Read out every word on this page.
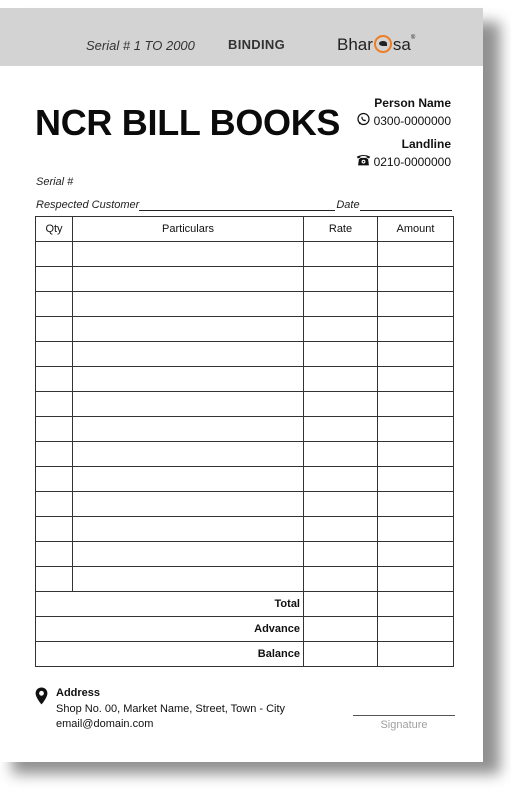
Serial # 1 TO 2000	BINDING	Bhar sa ®
NCR BILL BOOKS	Person Name
0300-0000000
Landline
0210-0000000
Serial #
Respected Customer	Date
Qty	Particulars	Rate	Amount

Total			
Advance			
Balance			
Address
Shop No. 00, Market Name, Street, Town - City
email@domain.com	Signature
